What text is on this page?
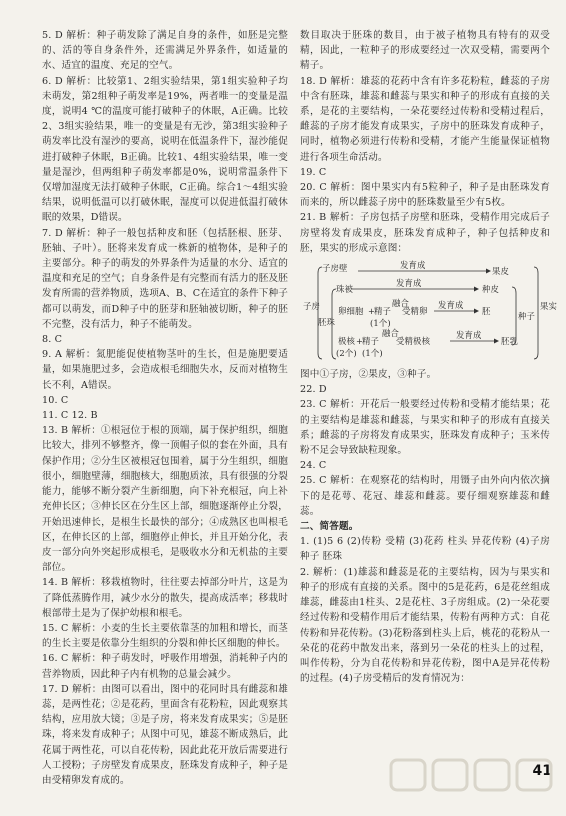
5. D 解析：种子萌发除了满足自身的条件，如胚是完整的、活的等自身条件外，还需满足外界条件，如适量的水、适宜的温度、充足的空气。

6. D 解析：比较第1、2组实验结果，第1组实验种子均未萌发，第2组种子萌发率是19%，两者唯一的变量是温度，说明4 ℃的温度可能打破种子的休眠，A正确。比较2、3组实验结果，唯一的变量是有无沙，第3组实验种子萌发率比没有湿沙的要高，说明在低温条件下，湿沙能促进打破种子休眠，B正确。比较1、4组实验结果，唯一变量是湿沙，但两组种子萌发率都是0%，说明常温条件下仅增加湿度无法打破种子休眠，C正确。综合1～4组实验结果，说明低温可以打破休眠，湿度可以促进低温打破休眠的效果，D错误。

7. D 解析：种子一般包括种皮和胚（包括胚根、胚芽、胚轴、子叶）。胚将来发育成一株新的植物体，是种子的主要部分。种子的萌发的外界条件为适量的水分、适宜的温度和充足的空气；自身条件是有完整而有活力的胚及胚发育所需的营养物质，选项A、B、C在适宜的条件下种子都可以萌发，而D种子中的胚芽和胚轴被切断，种子的胚不完整，没有活力，种子不能萌发。

8. C

9. A 解析：氮肥能促使植物茎叶的生长，但是施肥要适量，如果施肥过多，会造成根毛细胞失水，反而对植物生长不利，A错误。

10. C

11. C 12. B

13. B 解析：①根冠位于根的顶端，属于保护组织，细胞比较大，排列不够整齐，像一顶帽子似的套在外面，具有保护作用；②分生区被根冠包围着，属于分生组织，细胞很小，细胞壁薄，细胞核大，细胞质浓，具有很强的分裂能力，能够不断分裂产生新细胞，向下补充根冠，向上补充伸长区；③伸长区在分生区上部，细胞逐渐停止分裂，开始迅速伸长，是根生长最快的部分；④成熟区也叫根毛区，在伸长区的上部，细胞停止伸长，并且开始分化，表皮一部分向外突起形成根毛，是吸收水分和无机盐的主要部位。

14. B 解析：移栽植物时，往往要去掉部分叶片，这是为了降低蒸腾作用，减少水分的散失，提高成活率；移栽时根部带土是为了保护幼根和根毛。

15. C 解析：小麦的生长主要依靠茎的加粗和增长，而茎的生长主要是依靠分生组织的分裂和伸长区细胞的伸长。

16. C 解析：种子萌发时，呼吸作用增强，消耗种子内的营养物质，因此种子内有机物的总量会减少。

17. D 解析：由图可以看出，图中的花同时具有雌蕊和雄蕊，是两性花；②是花药，里面含有花粉粒，因此观察其结构，应用放大镜；③是子房，将来发育成果实；⑤是胚珠，将来发育成种子；从图中可见，雄蕊不断成熟后，此花属于两性花，可以自花传粉，因此此花开放后需要进行人工授粉；子房壁发育成果皮，胚珠发育成种子，种子是由受精卵发育成的。

数目取决于胚珠的数目，由于被子植物具有特有的双受精，因此，一粒种子的形成要经过一次双受精，需要两个精子。

18. D 解析：雄蕊的花药中含有许多花粉粒，雌蕊的子房中含有胚珠，雄蕊和雌蕊与果实和种子的形成有直接的关系，是花的主要结构，一朵花要经过传粉和受精过程后，雌蕊的子房才能发育成果实，子房中的胚珠发育成种子，同时，植物必须进行传粉和受精，才能产生能量保证植物进行各项生命活动。

19. C

20. C 解析：图中果实内有5粒种子，种子是由胚珠发育而来的，所以雌蕊子房中的胚珠数量至少有5枚。

21. B 解析：子房包括子房壁和胚珠，受精作用完成后子房壁将发育成果皮，胚珠发育成种子，种子包括种皮和胚，果实的形成示意图：

子房
子房壁	发育成
果皮
胚珠
珠被
发育成
种皮
卵细胞 +
精子
融合
受精卵
发育成
胚
(1个)
极核 +
精子
融合
受精极核
发育成
胚乳
(2个) (1个)
种子
果实

图中①子房，②果皮，③种子。

22. D

23. C 解析：开花后一般要经过传粉和受精才能结果；花的主要结构是雄蕊和雌蕊，与果实和种子的形成有直接关系；雌蕊的子房将发育成果实，胚珠发育成种子；玉米传粉不足会导致缺粒现象。

24. C

25. C 解析：在观察花的结构时，用镊子由外向内依次摘下的是花萼、花冠、雄蕊和雌蕊。要仔细观察雄蕊和雌蕊。

二、简答题。

1. (1)5 6 (2)传粉 受精 (3)花药 柱头 异花传粉 (4)子房 种子 胚珠

2. 解析：(1)雄蕊和雌蕊是花的主要结构，因为与果实和种子的形成有直接的关系。图中的5是花药，6是花丝组成雄蕊，雌蕊由1柱头、2是花柱、3子房组成。(2)一朵花要经过传粉和受精作用后才能结果，传粉有两种方式：自花传粉和异花传粉。(3)花粉落到柱头上后，桃花的花粉从一朵花的花药中散发出来，落到另一朵花的柱头上的过程，叫作传粉，分为自花传粉和异花传粉，图中A是异花传粉的过程。(4)子房受精后的发育情况为：

41
